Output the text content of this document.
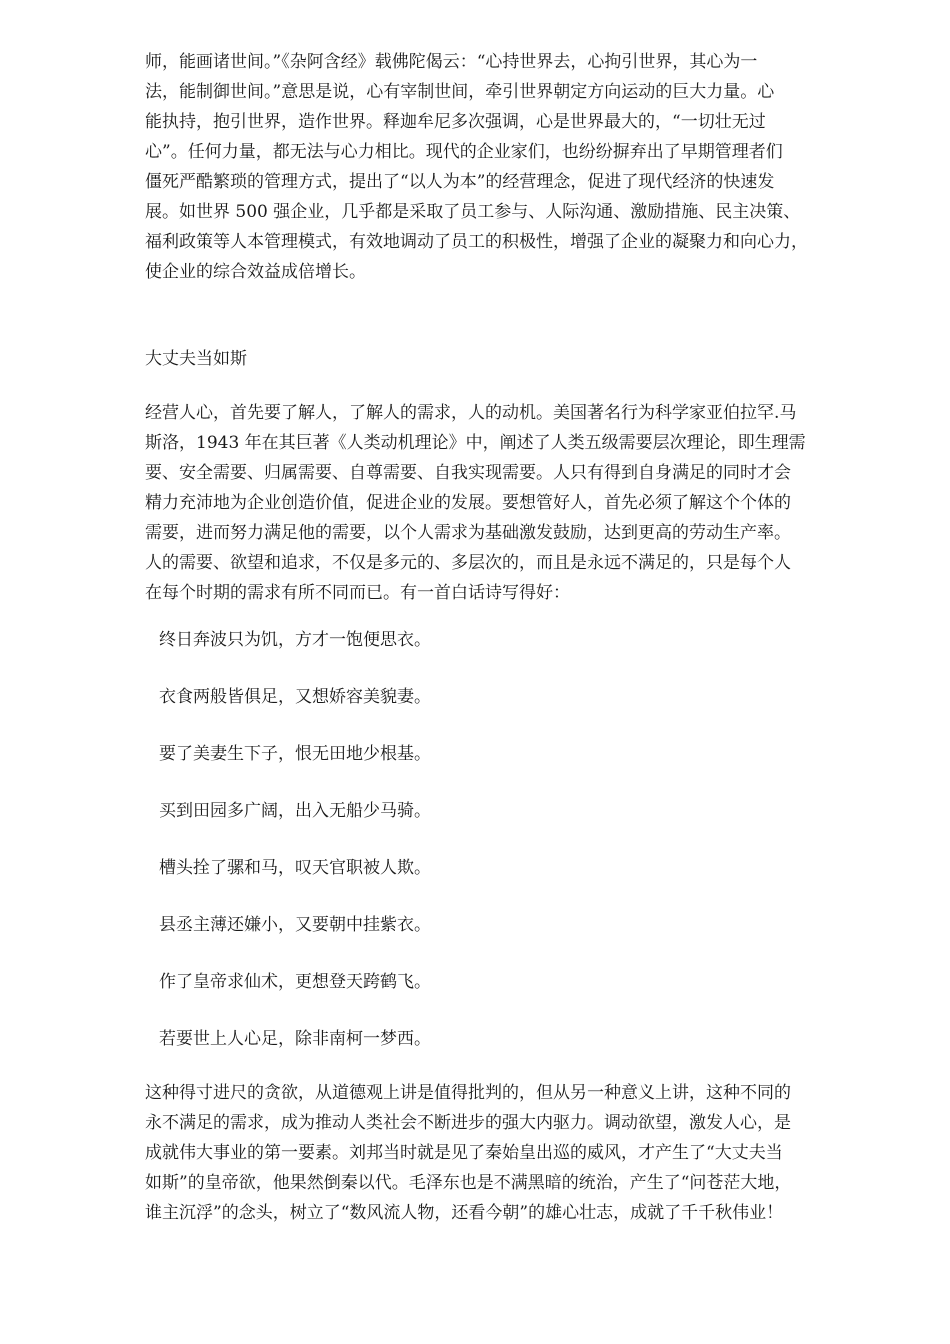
师，能画诸世间。”《杂阿含经》载佛陀偈云：“心持世界去，心拘引世界，其心为一
法，能制御世间。”意思是说，心有宰制世间，牵引世界朝定方向运动的巨大力量。心
能执持，抱引世界，造作世界。释迦牟尼多次强调，心是世界最大的，“一切壮无过
心”。任何力量，都无法与心力相比。现代的企业家们，也纷纷摒弃出了早期管理者们
僵死严酷繁琐的管理方式，提出了“以人为本”的经营理念，促进了现代经济的快速发
展。如世界 500 强企业，几乎都是采取了员工参与、人际沟通、激励措施、民主决策、
福利政策等人本管理模式，有效地调动了员工的积极性，增强了企业的凝聚力和向心力，
使企业的综合效益成倍增长。

大丈夫当如斯

经营人心，首先要了解人，了解人的需求，人的动机。美国著名行为科学家亚伯拉罕.马
斯洛，1943 年在其巨著《人类动机理论》中，阐述了人类五级需要层次理论，即生理需
要、安全需要、归属需要、自尊需要、自我实现需要。人只有得到自身满足的同时才会
精力充沛地为企业创造价值，促进企业的发展。要想管好人，首先必须了解这个个体的
需要，进而努力满足他的需要，以个人需求为基础激发鼓励，达到更高的劳动生产率。
人的需要、欲望和追求，不仅是多元的、多层次的，而且是永远不满足的，只是每个人
在每个时期的需求有所不同而已。有一首白话诗写得好：

终日奔波只为饥，方才一饱便思衣。

衣食两般皆俱足，又想娇容美貌妻。

要了美妻生下子，恨无田地少根基。

买到田园多广阔，出入无船少马骑。

槽头拴了骡和马，叹天官职被人欺。

县丞主薄还嫌小，又要朝中挂紫衣。

作了皇帝求仙术，更想登天跨鹤飞。

若要世上人心足，除非南柯一梦西。

这种得寸进尺的贪欲，从道德观上讲是值得批判的，但从另一种意义上讲，这种不同的
永不满足的需求，成为推动人类社会不断进步的强大内驱力。调动欲望，激发人心，是
成就伟大事业的第一要素。刘邦当时就是见了秦始皇出巡的威风，才产生了“大丈夫当
如斯”的皇帝欲，他果然倒秦以代。毛泽东也是不满黑暗的统治，产生了“问苍茫大地，
谁主沉浮”的念头，树立了“数风流人物，还看今朝”的雄心壮志，成就了千千秋伟业！
